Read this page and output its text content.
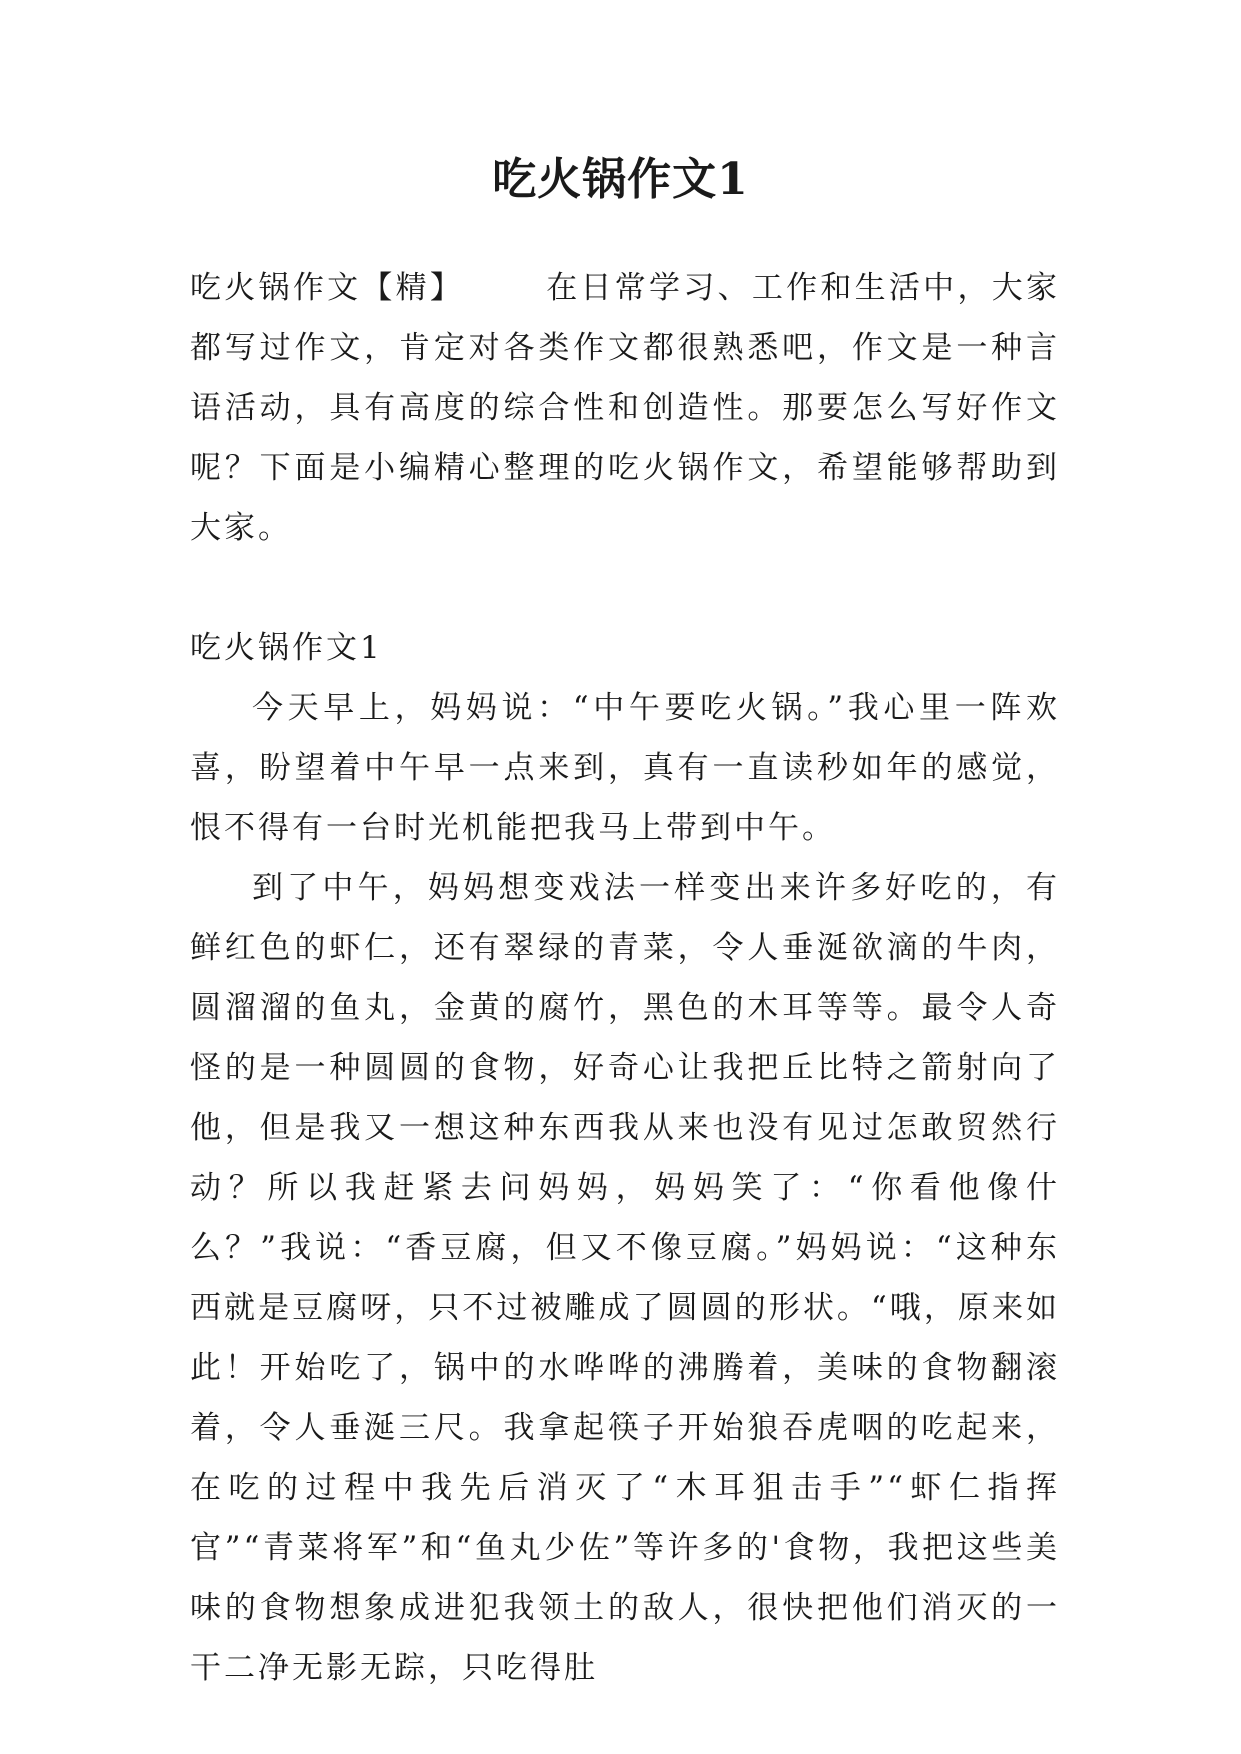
吃火锅作文1

吃火锅作文【精】	在日常学习、工作和生活中，大家都写过作文，肯定对各类作文都很熟悉吧，作文是一种言语活动，具有高度的综合性和创造性。那要怎么写好作文呢？下面是小编精心整理的吃火锅作文，希望能够帮助到大家。

吃火锅作文1

今天早上，妈妈说：“中午要吃火锅。”我心里一阵欢喜，盼望着中午早一点来到，真有一直读秒如年的感觉，恨不得有一台时光机能把我马上带到中午。

到了中午，妈妈想变戏法一样变出来许多好吃的，有鲜红色的虾仁，还有翠绿的青菜，令人垂涎欲滴的牛肉，圆溜溜的鱼丸，金黄的腐竹，黑色的木耳等等。最令人奇怪的是一种圆圆的食物，好奇心让我把丘比特之箭射向了他，但是我又一想这种东西我从来也没有见过怎敢贸然行动？所以我赶紧去问妈妈，妈妈笑了：“你看他像什么？”我说：“香豆腐，但又不像豆腐。”妈妈说：“这种东西就是豆腐呀，只不过被雕成了圆圆的形状。“哦，原来如此！开始吃了，锅中的水哗哗的沸腾着，美味的食物翻滚着，令人垂涎三尺。我拿起筷子开始狼吞虎咽的吃起来，在吃的过程中我先后消灭了“木耳狙击手”“虾仁指挥官”“青菜将军”和“鱼丸少佐”等许多的'食物，我把这些美味的食物想象成进犯我领土的敌人，很快把他们消灭的一干二净无影无踪，只吃得肚
